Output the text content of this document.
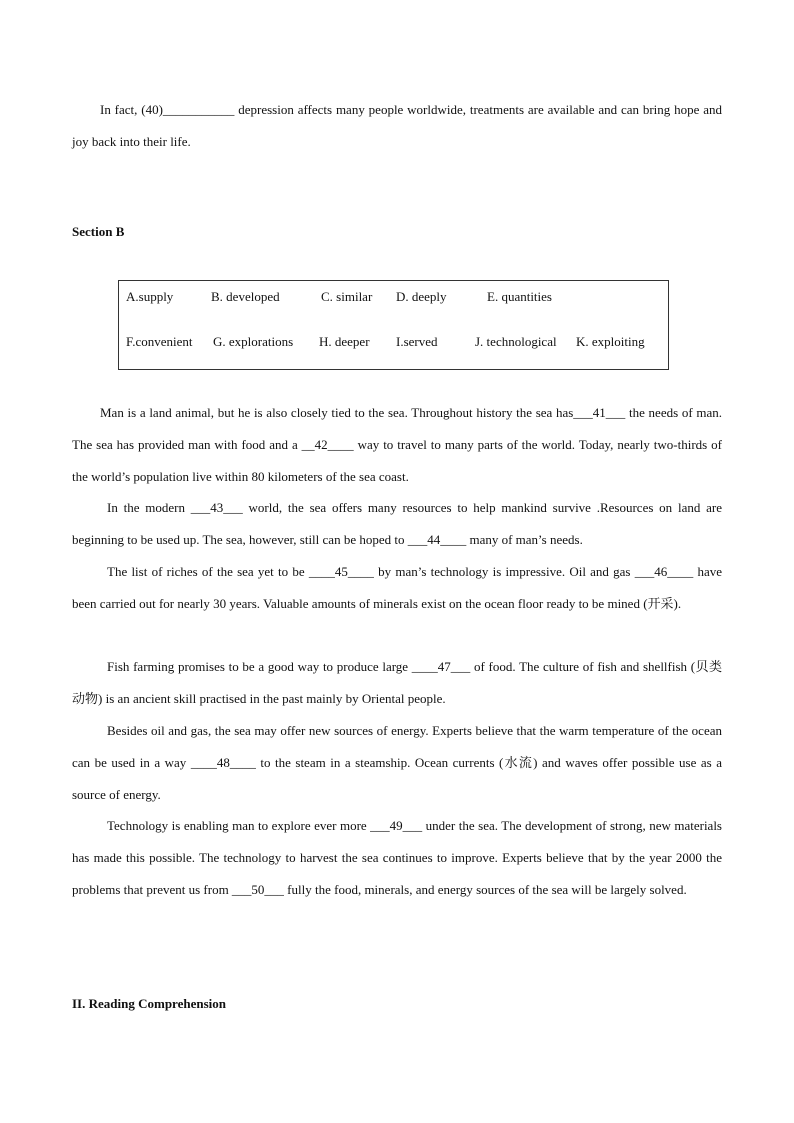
In fact, (40)___________ depression affects many people worldwide, treatments are available and can bring hope and joy back into their life.

Section B
A.supply	B. developed	C. similar D. deeply	E. quantities
F.convenient G. explorations H. deeper I.served	J. technological K. exploiting

Man is a land animal, but he is also closely tied to the sea. Throughout history the sea has___41___ the needs of man. The sea has provided man with food and a __42____ way to travel to many parts of the world. Today, nearly two-thirds of the world’s population live within 80 kilometers of the sea coast.

In the modern ___43___ world, the sea offers many resources to help mankind survive .Resources on land are beginning to be used up. The sea, however, still can be hoped to ___44____ many of man’s needs.

The list of riches of the sea yet to be ____45____ by man’s technology is impressive. Oil and gas ___46____ have been carried out for nearly 30 years. Valuable amounts of minerals exist on the ocean floor ready to be mined (开采).

Fish farming promises to be a good way to produce large ____47___ of food. The culture of fish and shellfish (贝类动物) is an ancient skill practised in the past mainly by Oriental people.

Besides oil and gas, the sea may offer new sources of energy. Experts believe that the warm temperature of the ocean can be used in a way ____48____ to the steam in a steamship. Ocean currents (水流) and waves offer possible use as a source of energy.

Technology is enabling man to explore ever more ___49___ under the sea. The development of strong, new materials has made this possible. The technology to harvest the sea continues to improve. Experts believe that by the year 2000 the problems that prevent us from ___50___ fully the food, minerals, and energy sources of the sea will be largely solved.

II. Reading Comprehension
